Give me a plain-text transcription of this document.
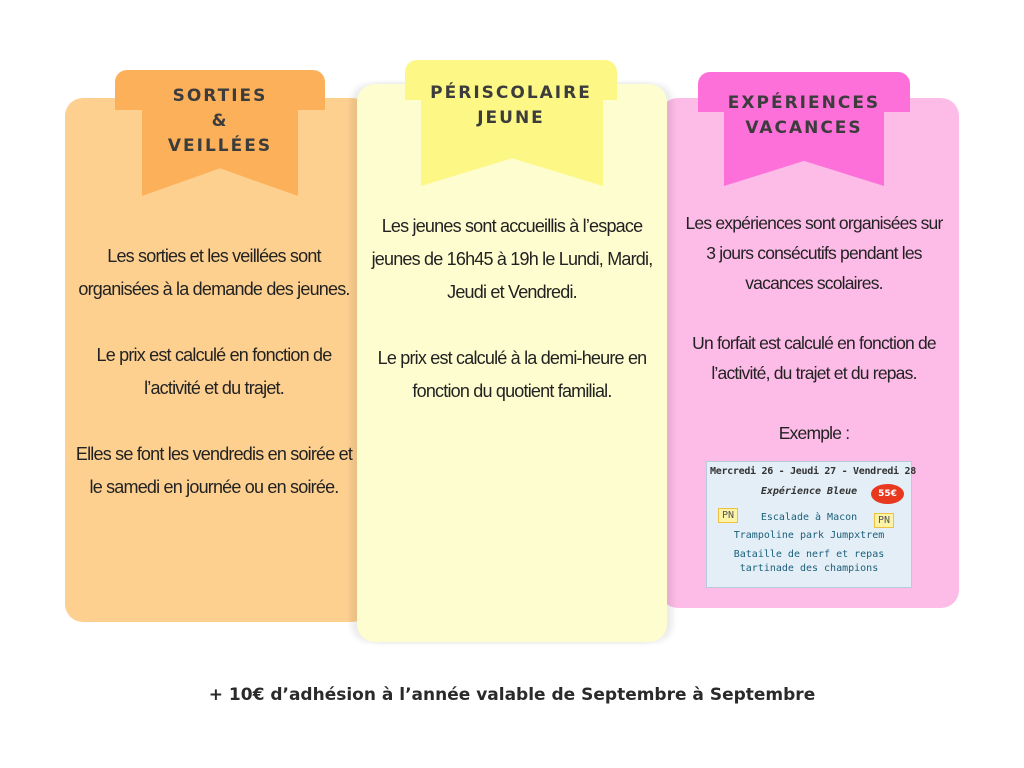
SORTIES
&
VEILLÉES

Les sorties et les veillées sont organisées à la demande des jeunes.

Le prix est calculé en fonction de l’activité et du trajet.

Elles se font les vendredis en soirée et le samedi en journée ou en soirée.

EXPÉRIENCES
VACANCES

Les expériences sont organisées sur 3 jours consécutifs pendant les vacances scolaires.

Un forfait est calculé en fonction de l’activité, du trajet et du repas.

Exemple :

Mercredi 26 - Jeudi 27 - Vendredi 28
Expérience Bleue	55€
PN	PN
Escalade à Macon
Trampoline park Jumpxtrem
Bataille de nerf et repas tartinade des champions
PÉRISCOLAIRE
JEUNE

Les jeunes sont accueillis à l’espace jeunes de 16h45 à 19h le Lundi, Mardi, Jeudi et Vendredi.

Le prix est calculé à la demi-heure en fonction du quotient familial.

+ 10€ d’adhésion à l’année valable de Septembre à Septembre
